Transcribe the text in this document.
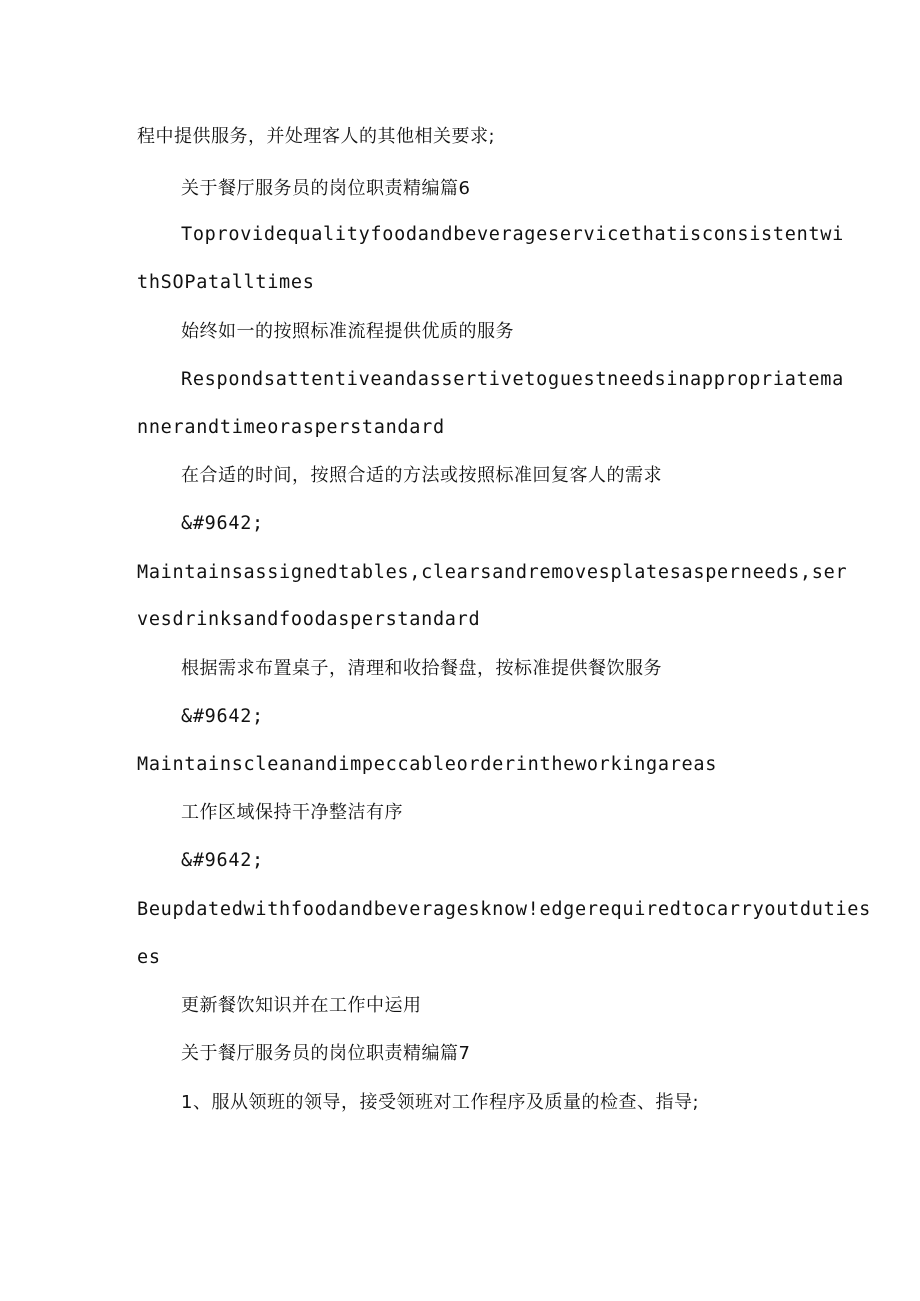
程中提供服务，并处理客人的其他相关要求;
关于餐厅服务员的岗位职责精编篇6
Toprovidequalityfoodandbeverageservicethatisconsistentwi
thSOPatalltimes
始终如一的按照标准流程提供优质的服务
Respondsattentiveandassertivetoguestneedsinappropriatema
nnerandtimeorasperstandard
在合适的时间，按照合适的方法或按照标准回复客人的需求
&#9642;
Maintainsassignedtables,clearsandremovesplatesasperneeds,ser
vesdrinksandfoodasperstandard
根据需求布置桌子，清理和收拾餐盘，按标准提供餐饮服务
&#9642;
Maintainscleanandimpeccableorderintheworkingareas
工作区域保持干净整洁有序
&#9642;
Beupdatedwithfoodandbeveragesknow!edgerequiredtocarryoutduties
es
更新餐饮知识并在工作中运用
关于餐厅服务员的岗位职责精编篇7
1、服从领班的领导，接受领班对工作程序及质量的检查、指导;
